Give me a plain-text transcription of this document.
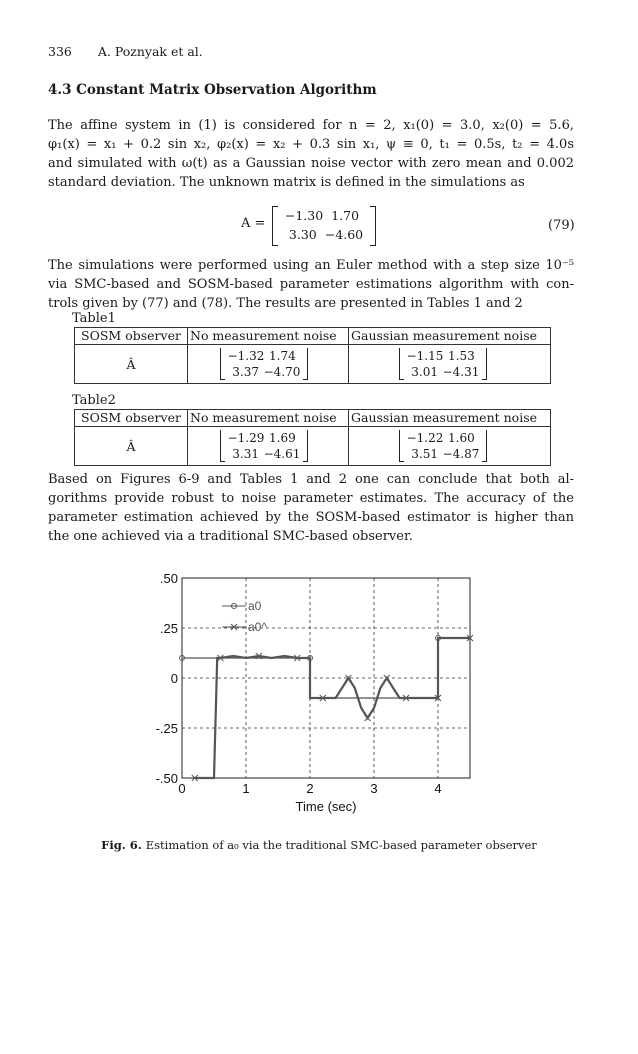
336 A. Poznyak et al.
4.3 Constant Matrix Observation Algorithm

The affine system in (1) is considered for n = 2, x₁(0) = 3.0, x₂(0) = 5.6,
φ₁(x) = x₁ + 0.2 sin x₂, φ₂(x) = x₂ + 0.3 sin x₁, ψ ≡ 0, t₁ = 0.5s, t₂ = 4.0s
and simulated with ω(t) as a Gaussian noise vector with zero mean and 0.002
standard deviation. The unknown matrix is defined in the simulations as

A =
−1.30 1.70
3.30 −4.60
(79)

The simulations were performed using an Euler method with a step size 10⁻⁵
via SMC-based and SOSM-based parameter estimations algorithm with con-
trols given by (77) and (78). The results are presented in Tables 1 and 2

Table1
SOSM observer	No measurement noise	Gaussian measurement noise
Â	−1.32 1.74
3.37 −4.70	−1.15 1.53
3.01 −4.31
Table2
SOSM observer	No measurement noise	Gaussian measurement noise
Â	−1.29 1.69
3.31 −4.61	−1.22 1.60
3.51 −4.87

Based on Figures 6-9 and Tables 1 and 2 one can conclude that both al-
gorithms provide robust to noise parameter estimates. The accuracy of the
parameter estimation achieved by the SOSM-based estimator is higher than
the one achieved via a traditional SMC-based observer.

.50
.25
0
-.25
-.50
0	1	2	3	4
Time (sec)
a0
a0^
Fig. 6. Estimation of a₀ via the traditional SMC-based parameter observer
